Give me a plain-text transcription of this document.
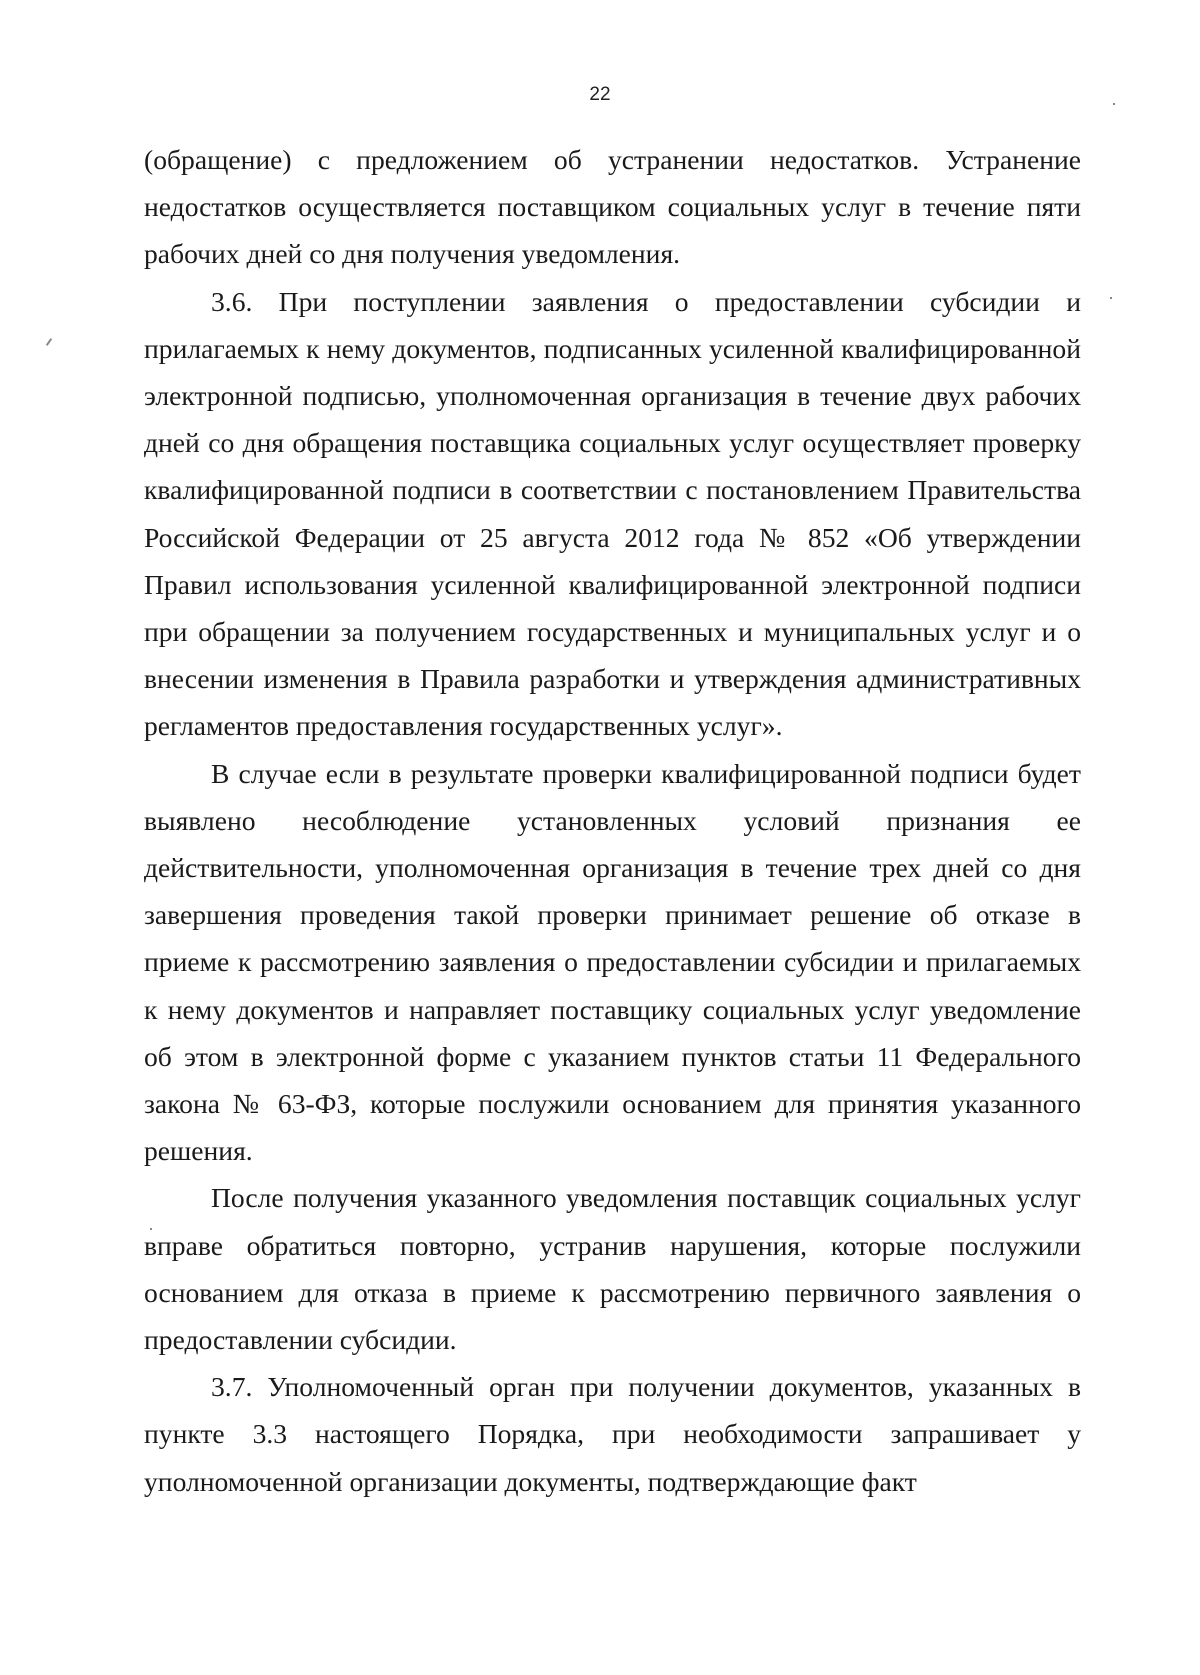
22

(обращение) с предложением об устранении недостатков. Устранение недостатков осуществляется поставщиком социальных услуг в течение пяти рабочих дней со дня получения уведомления.

3.6. При поступлении заявления о предоставлении субсидии и прилагаемых к нему документов, подписанных усиленной квалифицированной электронной подписью, уполномоченная организация в течение двух рабочих дней со дня обращения поставщика социальных услуг осуществляет проверку квалифицированной подписи в соответствии с постановлением Правительства Российской Федерации от 25 августа 2012 года № 852 «Об утверждении Правил использования усиленной квалифицированной электронной подписи при обращении за получением государственных и муниципальных услуг и о внесении изменения в Правила разработки и утверждения административных регламентов предоставления государственных услуг».

В случае если в результате проверки квалифицированной подписи будет выявлено несоблюдение установленных условий признания ее действительности, уполномоченная организация в течение трех дней со дня завершения проведения такой проверки принимает решение об отказе в приеме к рассмотрению заявления о предоставлении субсидии и прилагаемых к нему документов и направляет поставщику социальных услуг уведомление об этом в электронной форме с указанием пунктов статьи 11 Федерального закона № 63-ФЗ, которые послужили основанием для принятия указанного решения.

После получения указанного уведомления поставщик социальных услуг вправе обратиться повторно, устранив нарушения, которые послужили основанием для отказа в приеме к рассмотрению первичного заявления о предоставлении субсидии.

3.7. Уполномоченный орган при получении документов, указанных в пункте 3.3 настоящего Порядка, при необходимости запрашивает у уполномоченной организации документы, подтверждающие факт
